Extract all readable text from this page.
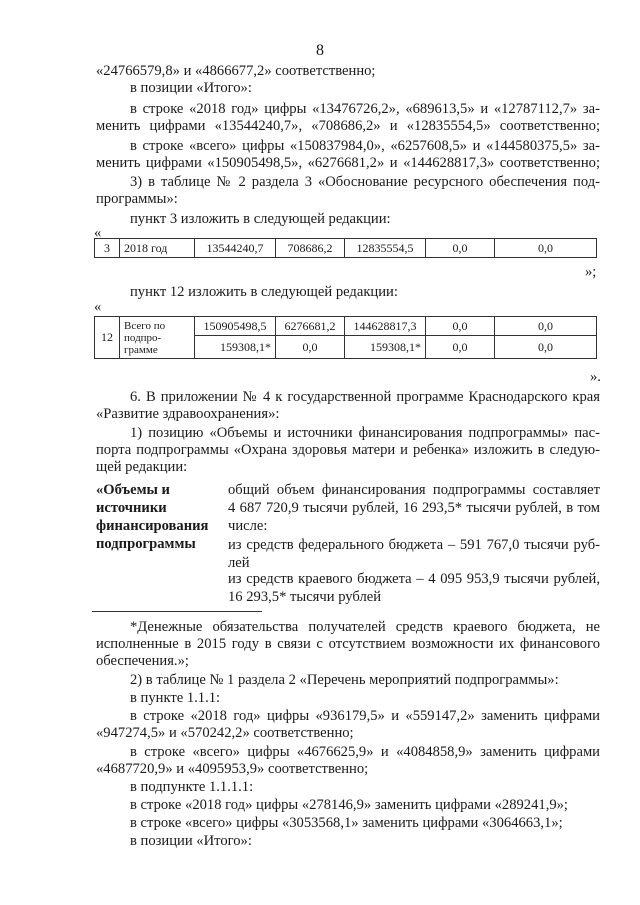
8
«24766579,8» и «4866677,2» соответственно;
в позиции «Итого»:
в строке «2018 год» цифры «13476726,2», «689613,5» и «12787112,7» за-
менить цифрами «13544240,7», «708686,2» и «12835554,5» соответственно;
в строке «всего» цифры «150837984,0», «6257608,5» и «144580375,5» за-
менить цифрами «150905498,5», «6276681,2» и «144628817,3» соответственно;
3) в таблице № 2 раздела 3 «Обоснование ресурсного обеспечения под-
программы»:
пункт 3 изложить в следующей редакции:
«
3	2018 год	13544240,7	708686,2	12835554,5	0,0	0,0
»;
пункт 12 изложить в следующей редакции:
«
12	Всего по
подпро-
грамме	150905498,5	6276681,2	144628817,3	0,0	0,0
		159308,1*	0,0	159308,1*	0,0	0,0
».
6. В приложении № 4 к государственной программе Краснодарского края
«Развитие здравоохранения»:
1) позицию «Объемы и источники финансирования подпрограммы» пас-
порта подпрограммы «Охрана здоровья матери и ребенка» изложить в следую-
щей редакции:
«Объемы и
источники
финансирования
подпрограммы
общий объем финансирования подпрограммы составляет
4 687 720,9 тысячи рублей, 16 293,5* тысячи рублей, в том
числе:
из средств федерального бюджета – 591 767,0 тысячи руб-
лей
из средств краевого бюджета – 4 095 953,9 тысячи рублей,
16 293,5* тысячи рублей
*Денежные обязательства получателей средств краевого бюджета, не
исполненные в 2015 году в связи с отсутствием возможности их финансового
обеспечения.»;
2) в таблице № 1 раздела 2 «Перечень мероприятий подпрограммы»:
в пункте 1.1.1:
в строке «2018 год» цифры «936179,5» и «559147,2» заменить цифрами
«947274,5» и «570242,2» соответственно;
в строке «всего» цифры «4676625,9» и «4084858,9» заменить цифрами
«4687720,9» и «4095953,9» соответственно;
в подпункте 1.1.1.1:
в строке «2018 год» цифры «278146,9» заменить цифрами «289241,9»;
в строке «всего» цифры «3053568,1» заменить цифрами «3064663,1»;
в позиции «Итого»:
